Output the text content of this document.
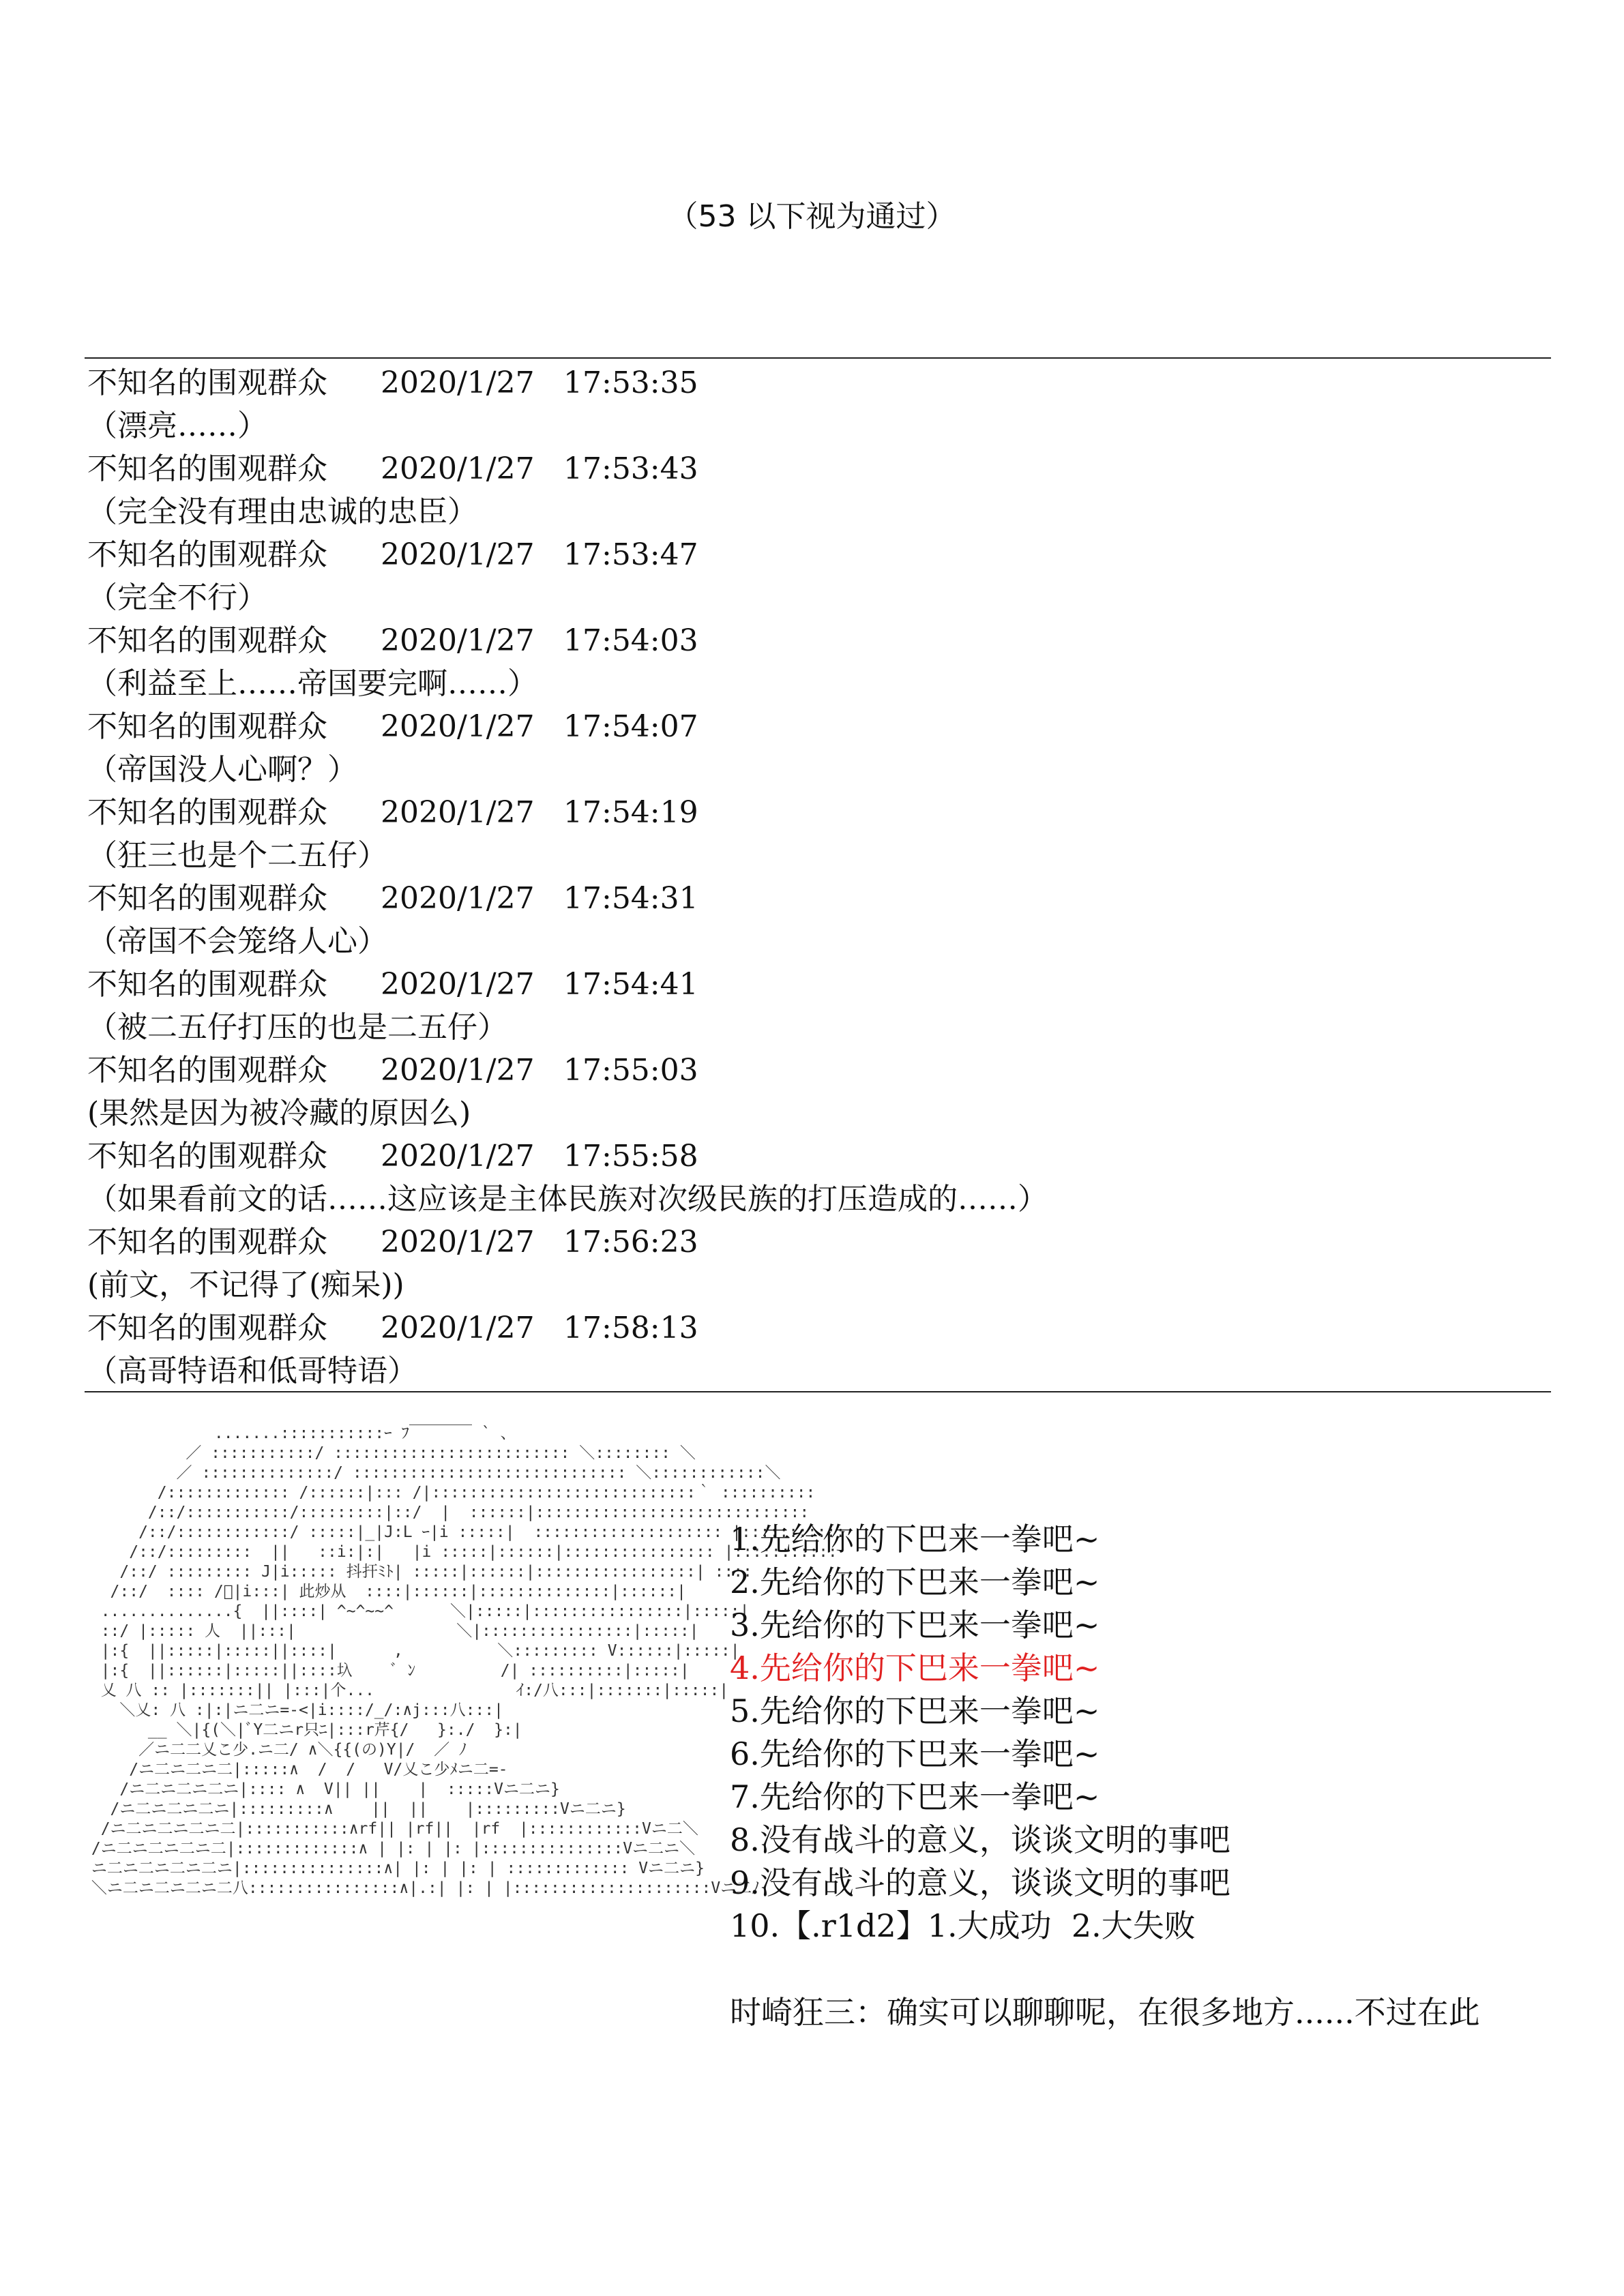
（53 以下视为通过）
不知名的围观群众 2020/1/27 17:53:35
（漂亮……）
不知名的围观群众 2020/1/27 17:53:43
（完全没有理由忠诚的忠臣）
不知名的围观群众 2020/1/27 17:53:47
（完全不行）
不知名的围观群众 2020/1/27 17:54:03
（利益至上……帝国要完啊……）
不知名的围观群众 2020/1/27 17:54:07
（帝国没人心啊？）
不知名的围观群众 2020/1/27 17:54:19
（狂三也是个二五仔）
不知名的围观群众 2020/1/27 17:54:31
（帝国不会笼络人心）
不知名的围观群众 2020/1/27 17:54:41
（被二五仔打压的也是二五仔）
不知名的围观群众 2020/1/27 17:55:03
(果然是因为被冷藏的原因么)
不知名的围观群众 2020/1/27 17:55:58
（如果看前文的话……这应该是主体民族对次级民族的打压造成的……）
不知名的围观群众 2020/1/27 17:56:23
(前文，不记得了(痴呆))
不知名的围观群众 2020/1/27 17:58:13
（高哥特语和低哥特语）
.......:::::::::::ｰ ﾌ￣￣￣￣ ` 、
／ :::::::::::/ ::::::::::::::::::::::::: ＼:::::::: ＼
／ ::::::::::::::/ ::::::::::::::::::::::::::::: ＼::::::::::::＼
/::::::::::::: /::::::|::: /|::::::::::::::::::::::::::::｀ ::::::::::
/::/:::::::::::/:::::::::|::/  |  ::::::|:::::::::::::::::::::::::::::
/::/::::::::::::/ :::::|_|J:L ｰ|i :::::|  :::::::::::::::::::: |:::::::::::
/::/:::::::::  ||   ::i:|:|   |i :::::|::::::|:::::::::::::::: |:::::::::::
/::/ ::::::::: J|i::::: 抖扞ﾐﾄ| :::::|::::::|:::::::::::::::::| ::::
/::/  :::: /ﾞ|i:::| 此炒从  ::::|::::::|::::::::::::::|::::::|
..............{  ||::::| ^~^~~^      ＼|:::::|::::::::::::::::|:::::|
::/ |::::: 人  ||:::|                 ＼|::::::::::::::::|:::::|
|:{  ||:::::|:::::||::::|      ,          ＼::::::::: V::::::|:::::|
|:{  ||::::::|:::::||::::圦    ﾞ ﾝ         /| ::::::::::|:::::|
乂 八 :: |:::::::|| |:::|个...               ｲ:/八:::|:::::::|:::::|
＼乂: 八 :|:|ニ二ニ=-<|i::::/_/:∧j:::八:::|
__ ＼|{(＼|ﾞY二ニr只ﾆ|:::r芹{/   }:./  }:|
／ニ二二乂こ少.ニ二/ ∧＼{{(の)Y|/  ／ ﾉ
/ニ二ニ二ニ二|:::::∧  /  /   V/乂こ少ﾒニ二=-
/ニ二ニ二ニ二ニ|:::: ∧  V|| ||    |  :::::Vニ二ニ}
/ニ二ニ二ニ二ニ|:::::::::∧    ||  ||    |:::::::::Vニ二ニ}
/ニ二ニ二ニ二ニ二|:::::::::::∧rf|| |rf||  |rf  |::::::::::::Vニ二＼
/ニ二ニ二ニ二ニ二|:::::::::::::∧ | |: | |: |:::::::::::::::Vニ二ニ＼
ニ二ニ二ニ二ニ二ニ|:::::::::::::::∧| |: | |: | ::::::::::::: Vニ二ニ}
＼ニ二ニ二ニ二ニ二八::::::::::::::::∧|.:| |: | |:::::::::::::::::::::Vニ二ﾉ
1.先给你的下巴来一拳吧~
2.先给你的下巴来一拳吧~
3.先给你的下巴来一拳吧~
4.先给你的下巴来一拳吧~
5.先给你的下巴来一拳吧~
6.先给你的下巴来一拳吧~
7.先给你的下巴来一拳吧~
8.没有战斗的意义，谈谈文明的事吧
9.没有战斗的意义，谈谈文明的事吧
10.【.r1d2】1.大成功  2.大失败
时崎狂三：确实可以聊聊呢，在很多地方......不过在此
